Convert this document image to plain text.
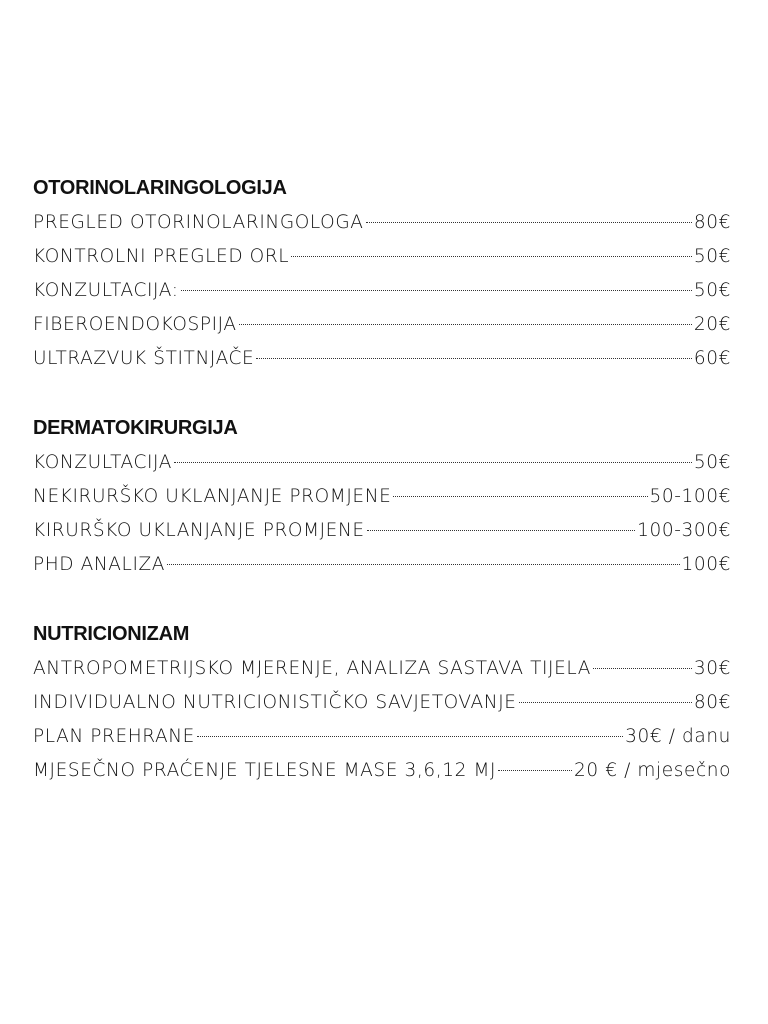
OTORINOLARINGOLOGIJA
PREGLED OTORINOLARINGOLOGA	80€
KONTROLNI PREGLED ORL	50€
KONZULTACIJA:	50€
FIBEROENDOKOSPIJA	20€
ULTRAZVUK ŠTITNJAČE	60€
DERMATOKIRURGIJA
KONZULTACIJA	50€
NEKIRURŠKO UKLANJANJE PROMJENE	50-100€
KIRURŠKO UKLANJANJE PROMJENE	100-300€
PHD ANALIZA	100€
NUTRICIONIZAM
ANTROPOMETRIJSKO MJERENJE, ANALIZA SASTAVA TIJELA	30€
INDIVIDUALNO NUTRICIONISTIČKO SAVJETOVANJE	80€
PLAN PREHRANE	30€ / danu
MJESEČNO PRAĆENJE TJELESNE MASE 3,6,12 MJ	20 € / mjesečno
